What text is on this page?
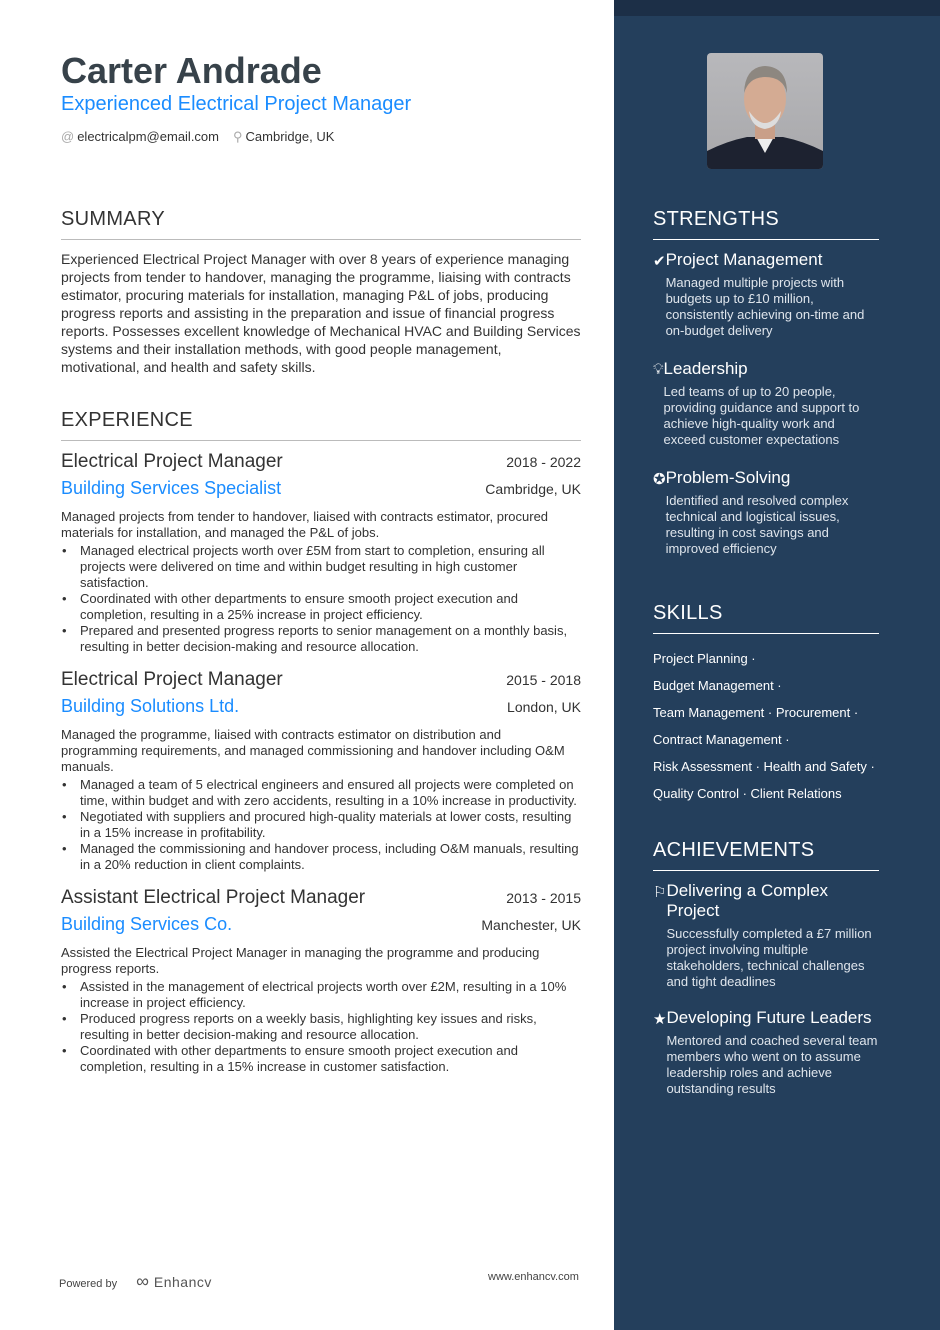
Carter Andrade
Experienced Electrical Project Manager
@ electricalpm@email.com ⚲ Cambridge, UK
SUMMARY

Experienced Electrical Project Manager with over 8 years of experience managing projects from tender to handover, managing the programme, liaising with contracts estimator, procuring materials for installation, managing P&L of jobs, producing progress reports and assisting in the preparation and issue of financial progress reports. Possesses excellent knowledge of Mechanical HVAC and Building Services systems and their installation methods, with good people management, motivational, and health and safety skills.

EXPERIENCE
Electrical Project Manager	2018 - 2022
Building Services Specialist	Cambridge, UK
Managed projects from tender to handover, liaised with contracts estimator, procured materials for installation, and managed the P&L of jobs.
• Managed electrical projects worth over £5M from start to completion, ensuring all projects were delivered on time and within budget resulting in high customer satisfaction.
• Coordinated with other departments to ensure smooth project execution and completion, resulting in a 25% increase in project efficiency.
• Prepared and presented progress reports to senior management on a monthly basis, resulting in better decision-making and resource allocation.
Electrical Project Manager	2015 - 2018
Building Solutions Ltd.	London, UK
Managed the programme, liaised with contracts estimator on distribution and programming requirements, and managed commissioning and handover including O&M manuals.
• Managed a team of 5 electrical engineers and ensured all projects were completed on time, within budget and with zero accidents, resulting in a 10% increase in productivity.
• Negotiated with suppliers and procured high-quality materials at lower costs, resulting in a 15% increase in profitability.
• Managed the commissioning and handover process, including O&M manuals, resulting in a 20% reduction in client complaints.
Assistant Electrical Project Manager	2013 - 2015
Building Services Co.	Manchester, UK
Assisted the Electrical Project Manager in managing the programme and producing progress reports.
• Assisted in the management of electrical projects worth over £2M, resulting in a 10% increase in project efficiency.
• Produced progress reports on a weekly basis, highlighting key issues and risks, resulting in better decision-making and resource allocation.
• Coordinated with other departments to ensure smooth project execution and completion, resulting in a 15% increase in customer satisfaction.
STRENGTHS
✔ Project Management
Managed multiple projects with budgets up to £10 million, consistently achieving on-time and on-budget delivery
💡︎ Leadership
Led teams of up to 20 people, providing guidance and support to achieve high-quality work and exceed customer expectations
✪ Problem-Solving
Identified and resolved complex technical and logistical issues, resulting in cost savings and improved efficiency
SKILLS
Project Planning ·
Budget Management ·
Team Management · Procurement ·
Contract Management ·
Risk Assessment · Health and Safety ·
Quality Control · Client Relations
ACHIEVEMENTS
⚐ Delivering a Complex Project
Successfully completed a £7 million project involving multiple stakeholders, technical challenges and tight deadlines
★ Developing Future Leaders
Mentored and coached several team members who went on to assume leadership roles and achieve outstanding results
Powered by ∞ Enhancv	www.enhancv.com
